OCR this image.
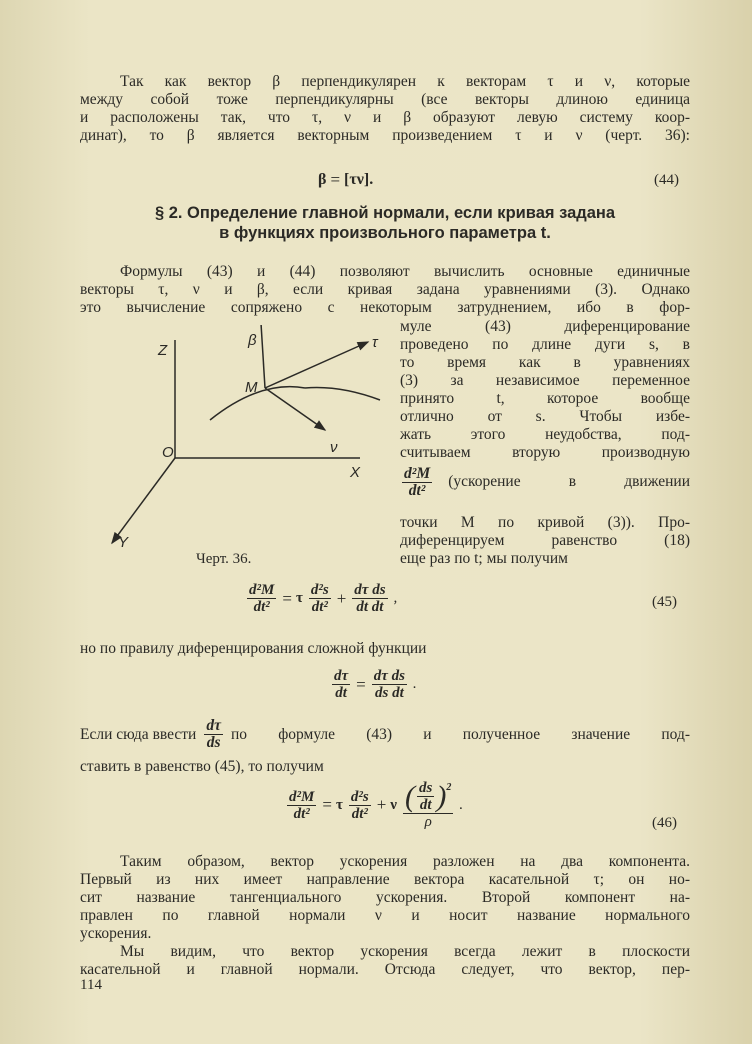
Так как вектор β перпендикулярен к векторам τ и ν, которые
между собой тоже перпендикулярны (все векторы длиною единица
и расположены так, что τ, ν и β образуют левую систему коор-
динат), то β является векторным произведением τ и ν (черт. 36):
β = [τν].	(44)
§ 2. Определение главной нормали, если кривая задана
в функциях произвольного параметра t.
Формулы (43) и (44) позволяют вычислить основные единичные
векторы τ, ν и β, если кривая задана уравнениями (3). Однако
это вычисление сопряжено с некоторым затруднением, ибо в фор-
муле (43) диференцирование
проведено по длине дуги s, в
то время как в уравнениях
(3) за независимое переменное
принято t, которое вообще
отлично от s. Чтобы избе-
жать этого неудобства, под-
считываем вторую производную
$\frac{\text{d²M}}{\text{dt²}}$ (ускорение в движении
точки M по кривой (3)). Про-
диференцируем равенство (18)
еще раз по t; мы получим
Z
β	τ
M
ν
O
X
Y
Черт. 36.
$\frac{\text{d²M}}{\text{dt²}} = \tau \frac{\text{d²s}}{\text{dt²}} + \frac{\text{dτ ds}}{\text{dt dt}}$ ,	(45)
но по правилу диференцирования сложной функции
$\frac{d\tau}{dt} = \frac{\text{dτ ds}}{\text{ds dt}}$ .
Если сюда ввести $\frac{d\tau}{ds}$ по формуле (43) и полученное значение под-
ставить в равенство (45), то получим
$\frac{\text{d²M}}{\text{dt²}} = \tau \frac{\text{d²s}}{\text{dt²}} + \nu$ ( $\frac{ds}{dt} )^2$
ρ
.
(46)
Таким образом, вектор ускорения разложен на два компонента.
Первый из них имеет направление вектора касательной τ; он но-
сит название тангенциального ускорения. Второй компонент на-
правлен по главной нормали ν и носит название нормального
ускорения.
Мы видим, что вектор ускорения всегда лежит в плоскости
касательной и главной нормали. Отсюда следует, что вектор, пер-
114
